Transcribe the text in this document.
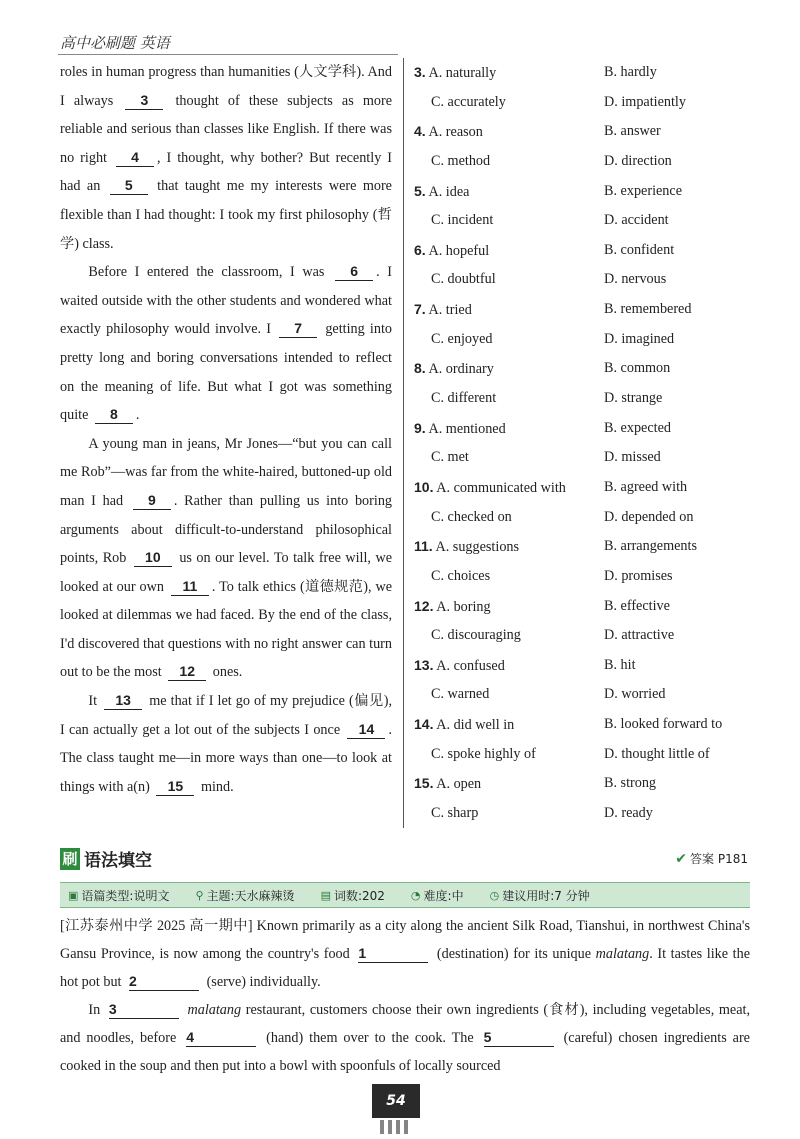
高中必刷题 英语

roles in human progress than humanities (人文学科). And I always 3 thought of these subjects as more reliable and serious than classes like English. If there was no right 4 , I thought, why bother? But recently I had an 5 that taught me my interests were more flexible than I had thought: I took my first philosophy (哲学) class.

Before I entered the classroom, I was 6 . I waited outside with the other students and wondered what exactly philosophy would involve. I 7 getting into pretty long and boring conversations intended to reflect on the meaning of life. But what I got was something quite 8 .

A young man in jeans, Mr Jones—“but you can call me Rob”—was far from the white-haired, buttoned-up old man I had 9 . Rather than pulling us into boring arguments about difficult-to-understand philosophical points, Rob 10 us on our level. To talk free will, we looked at our own 11 . To talk ethics (道德规范), we looked at dilemmas we had faced. By the end of the class, I'd discovered that questions with no right answer can turn out to be the most 12 ones.

It 13 me that if I let go of my prejudice (偏见), I can actually get a lot out of the subjects I once 14 . The class taught me—in more ways than one—to look at things with a(n) 15 mind.

3. A. naturally	B. hardly
C. accurately	D. impatiently
4. A. reason	B. answer
C. method	D. direction
5. A. idea	B. experience
C. incident	D. accident
6. A. hopeful	B. confident
C. doubtful	D. nervous
7. A. tried	B. remembered
C. enjoyed	D. imagined
8. A. ordinary	B. common
C. different	D. strange
9. A. mentioned	B. expected
C. met	D. missed
10. A. communicated with	B. agreed with
C. checked on	D. depended on
11. A. suggestions	B. arrangements
C. choices	D. promises
12. A. boring	B. effective
C. discouraging	D. attractive
13. A. confused	B. hit
C. warned	D. worried
14. A. did well in	B. looked forward to
C. spoke highly of	D. thought little of
15. A. open	B. strong
C. sharp	D. ready
刷 语法填空	✔ 答案 P181
▣ 语篇类型:说明文 ⚲ 主题:天水麻辣烫 ▤ 词数:202 ◔ 难度:中 ◷ 建议用时:7 分钟

[江苏泰州中学 2025 高一期中] Known primarily as a city along the ancient Silk Road, Tianshui, in northwest China's Gansu Province, is now among the country's food 1	(destination) for its unique malatang. It tastes like the hot pot but 2	(serve) individually.

In 3	malatang restaurant, customers choose their own ingredients (食材), including vegetables, meat, and noodles, before 4	(hand) them over to the cook. The 5	(careful) chosen ingredients are cooked in the soup and then put into a bowl with spoonfuls of locally sourced

54
